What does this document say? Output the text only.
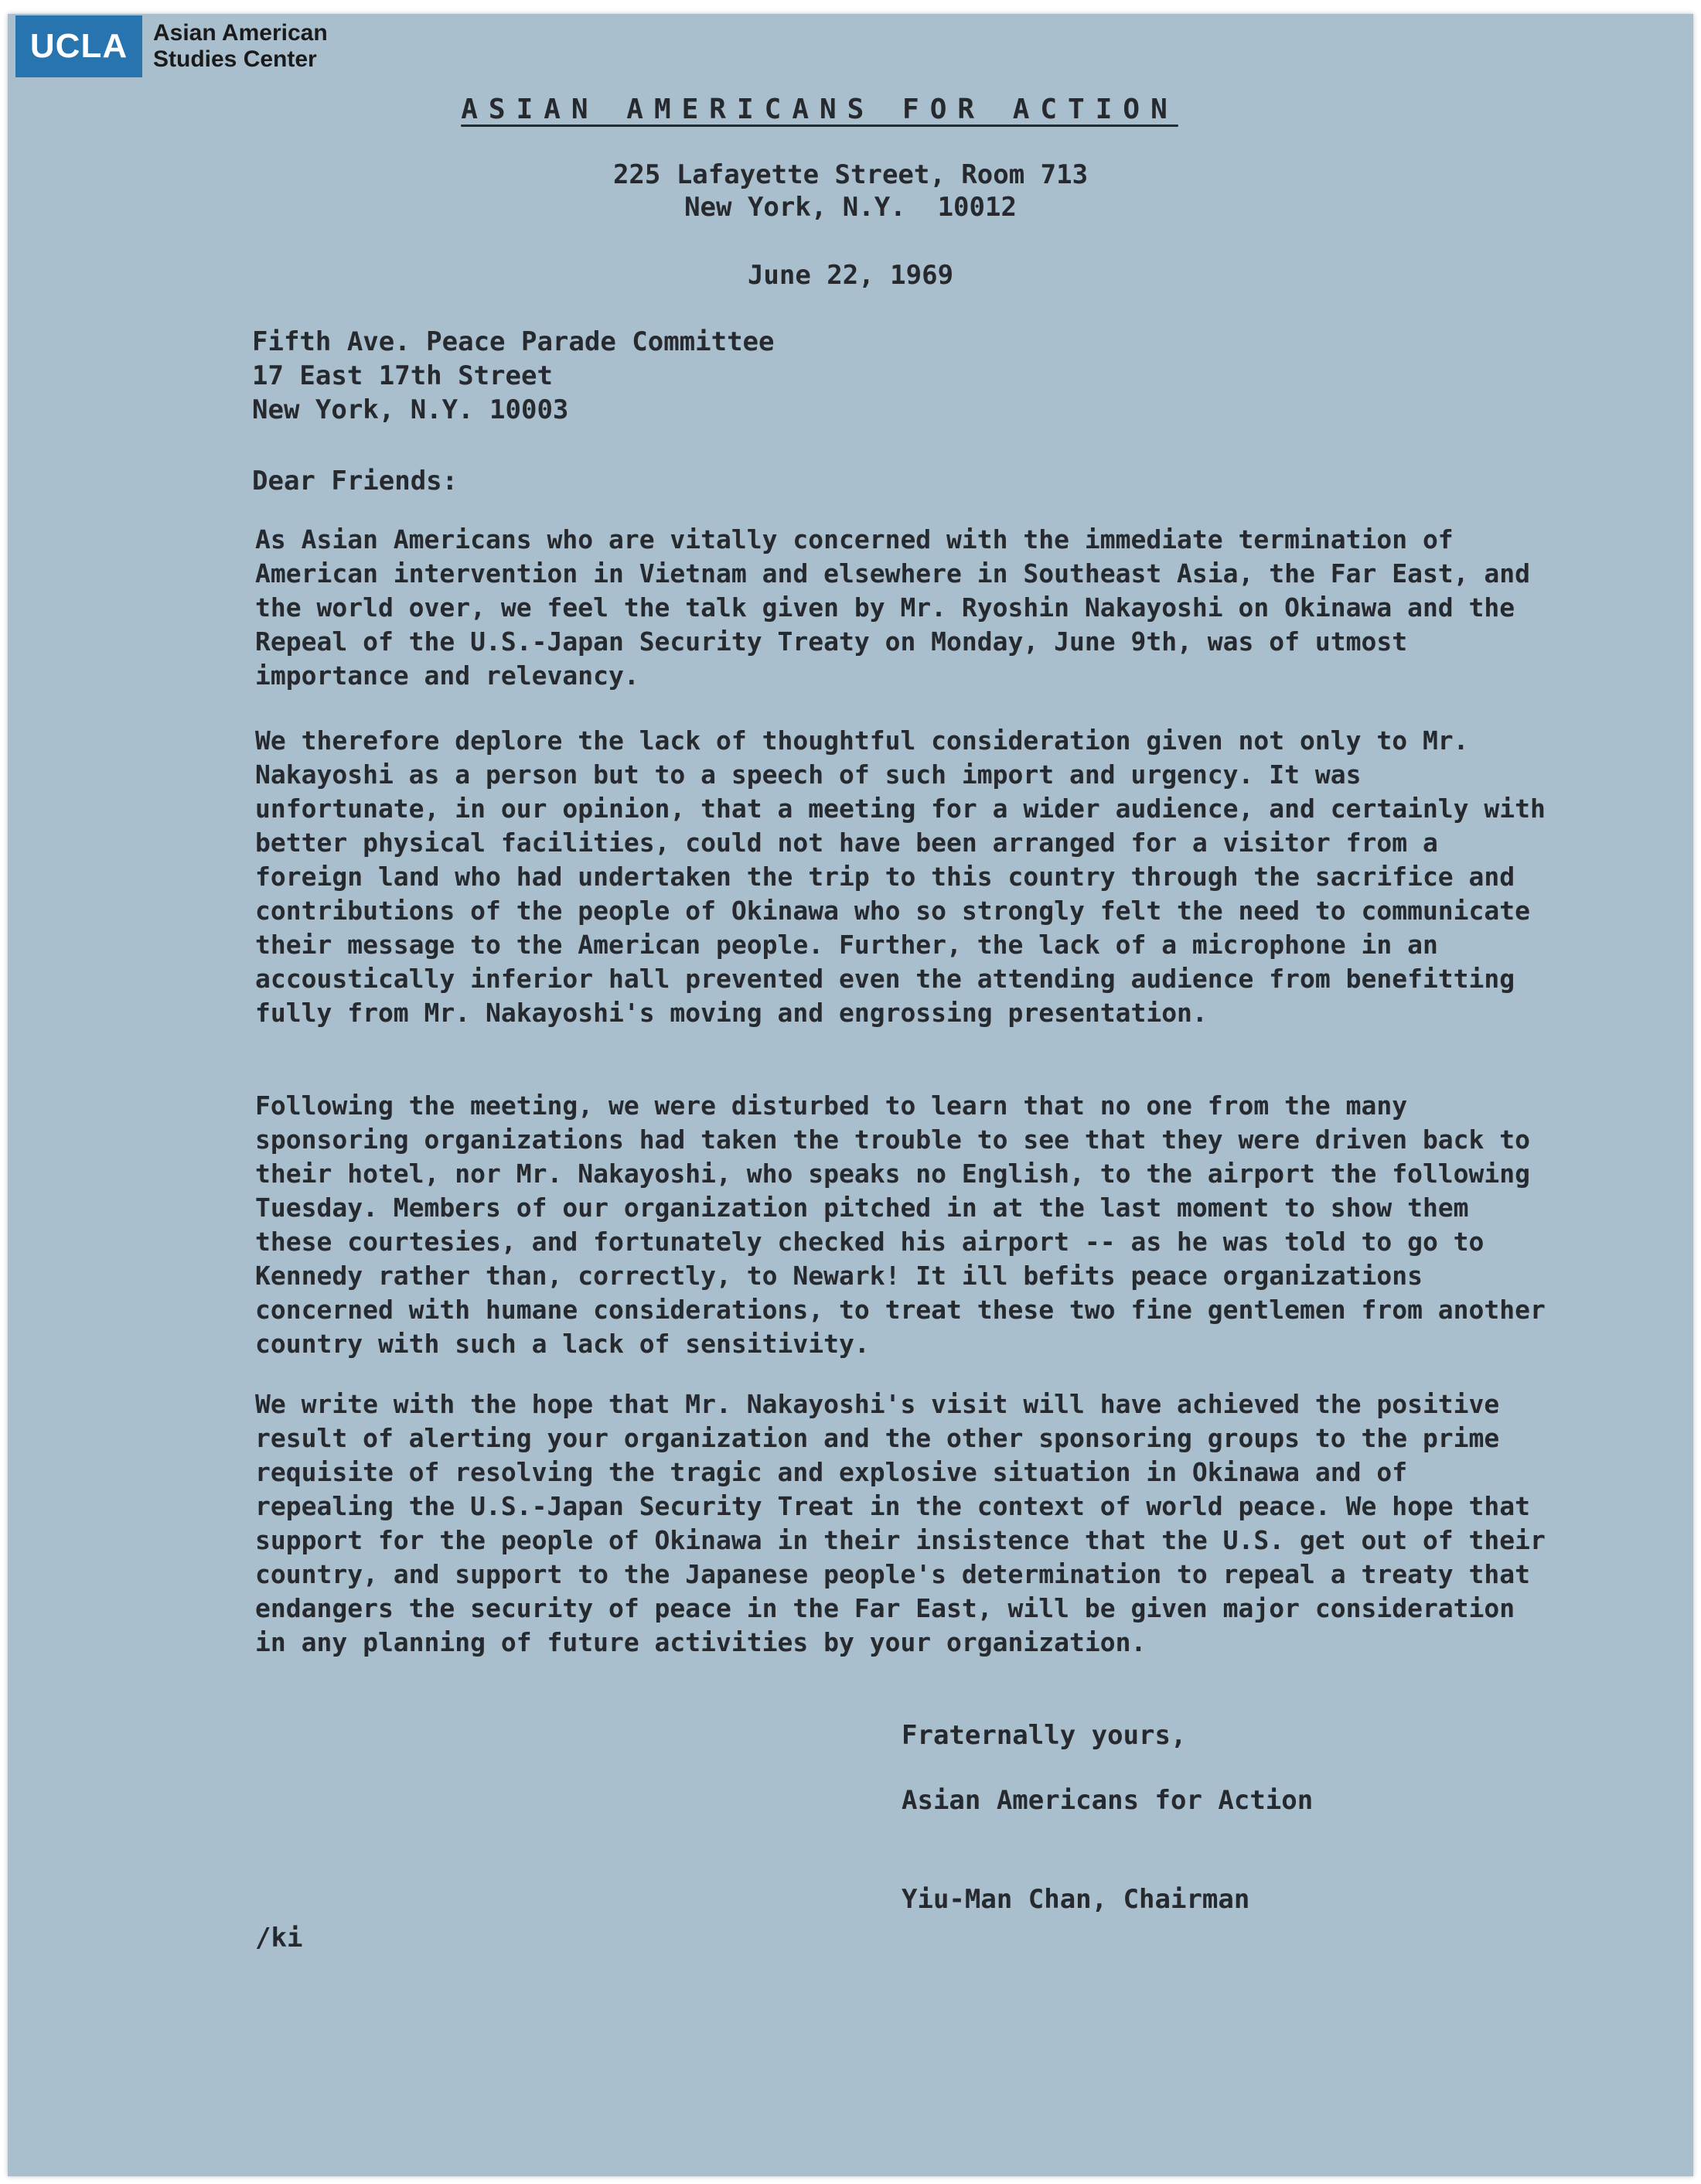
UCLA	Asian American
Studies Center
ASIAN AMERICANS FOR ACTION
225 Lafayette Street, Room 713
New York, N.Y.  10012
June 22, 1969
Fifth Ave. Peace Parade Committee
17 East 17th Street
New York, N.Y. 10003
Dear Friends:
As Asian Americans who are vitally concerned with the immediate termination of American intervention in Vietnam and elsewhere in Southeast Asia, the Far East, and the world over, we feel the talk given by Mr. Ryoshin Nakayoshi on Okinawa and the Repeal of the U.S.-Japan Security Treaty on Monday, June 9th, was of utmost importance and relevancy.
We therefore deplore the lack of thoughtful consideration given not only to Mr. Nakayoshi as a person but to a speech of such import and urgency. It was unfortunate, in our opinion, that a meeting for a wider audience, and certainly with better physical facilities, could not have been arranged for a visitor from a foreign land who had undertaken the trip to this country through the sacrifice and contributions of the people of Okinawa who so strongly felt the need to communicate their message to the American people. Further, the lack of a microphone in an accoustically inferior hall prevented even the attending audience from benefitting fully from Mr. Nakayoshi's moving and engrossing presentation.
Following the meeting, we were disturbed to learn that no one from the many sponsoring organizations had taken the trouble to see that they were driven back to their hotel, nor Mr. Nakayoshi, who speaks no English, to the airport the following Tuesday. Members of our organization pitched in at the last moment to show them these courtesies, and fortunately checked his airport -- as he was told to go to Kennedy rather than, correctly, to Newark! It ill befits peace organizations concerned with humane considerations, to treat these two fine gentlemen from another country with such a lack of sensitivity.
We write with the hope that Mr. Nakayoshi's visit will have achieved the positive result of alerting your organization and the other sponsoring groups to the prime requisite of resolving the tragic and explosive situation in Okinawa and of repealing the U.S.-Japan Security Treat in the context of world peace. We hope that support for the people of Okinawa in their insistence that the U.S. get out of their country, and support to the Japanese people's determination to repeal a treaty that endangers the security of peace in the Far East, will be given major consideration in any planning of future activities by your organization.
Fraternally yours,
Asian Americans for Action
Yiu-Man Chan, Chairman
/ki
